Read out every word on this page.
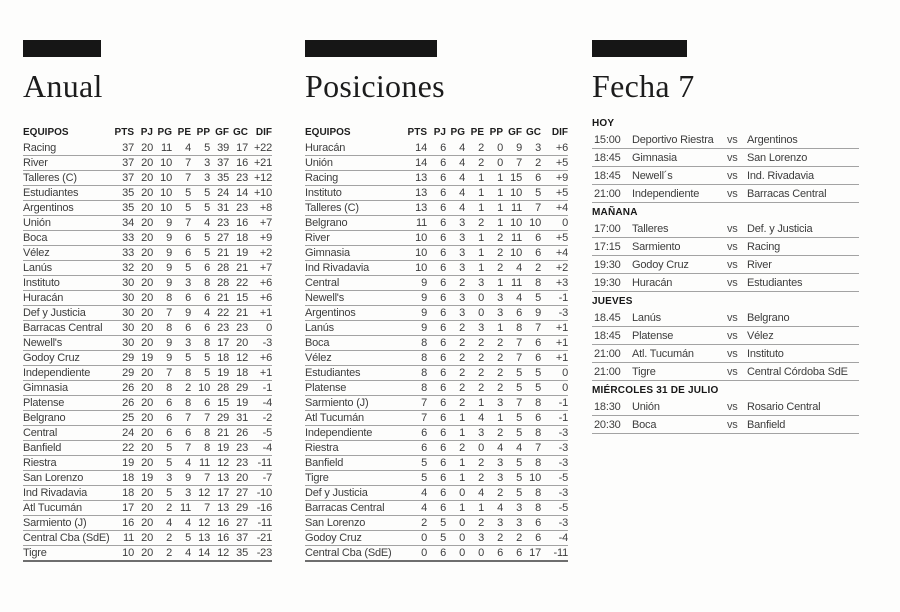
Anual
EQUIPOS	PTS	PJ	PG	PE	PP	GF	GC	DIF
Racing	37	20	11	4	5	39	17	+22
River	37	20	10	7	3	37	16	+21
Talleres (C)	37	20	10	7	3	35	23	+12
Estudiantes	35	20	10	5	5	24	14	+10
Argentinos	35	20	10	5	5	31	23	+8
Unión	34	20	9	7	4	23	16	+7
Boca	33	20	9	6	5	27	18	+9
Vélez	33	20	9	6	5	21	19	+2
Lanús	32	20	9	5	6	28	21	+7
Instituto	30	20	9	3	8	28	22	+6
Huracán	30	20	8	6	6	21	15	+6
Def y Justicia	30	20	7	9	4	22	21	+1
Barracas Central	30	20	8	6	6	23	23	0
Newell's	30	20	9	3	8	17	20	-3
Godoy Cruz	29	19	9	5	5	18	12	+6
Independiente	29	20	7	8	5	19	18	+1
Gimnasia	26	20	8	2	10	28	29	-1
Platense	26	20	6	8	6	15	19	-4
Belgrano	25	20	6	7	7	29	31	-2
Central	24	20	6	6	8	21	26	-5
Banfield	22	20	5	7	8	19	23	-4
Riestra	19	20	5	4	11	12	23	-11
San Lorenzo	18	19	3	9	7	13	20	-7
Ind Rivadavia	18	20	5	3	12	17	27	-10
Atl Tucumán	17	20	2	11	7	13	29	-16
Sarmiento (J)	16	20	4	4	12	16	27	-11
Central Cba (SdE)	11	20	2	5	13	16	37	-21
Tigre	10	20	2	4	14	12	35	-23
Posiciones
EQUIPOS	PTS	PJ	PG	PE	PP	GF	GC	DIF
Huracán	14	6	4	2	0	9	3	+6
Unión	14	6	4	2	0	7	2	+5
Racing	13	6	4	1	1	15	6	+9
Instituto	13	6	4	1	1	10	5	+5
Talleres (C)	13	6	4	1	1	11	7	+4
Belgrano	11	6	3	2	1	10	10	0
River	10	6	3	1	2	11	6	+5
Gimnasia	10	6	3	1	2	10	6	+4
Ind Rivadavia	10	6	3	1	2	4	2	+2
Central	9	6	2	3	1	11	8	+3
Newell's	9	6	3	0	3	4	5	-1
Argentinos	9	6	3	0	3	6	9	-3
Lanús	9	6	2	3	1	8	7	+1
Boca	8	6	2	2	2	7	6	+1
Vélez	8	6	2	2	2	7	6	+1
Estudiantes	8	6	2	2	2	5	5	0
Platense	8	6	2	2	2	5	5	0
Sarmiento (J)	7	6	2	1	3	7	8	-1
Atl Tucumán	7	6	1	4	1	5	6	-1
Independiente	6	6	1	3	2	5	8	-3
Riestra	6	6	2	0	4	4	7	-3
Banfield	5	6	1	2	3	5	8	-3
Tigre	5	6	1	2	3	5	10	-5
Def y Justicia	4	6	0	4	2	5	8	-3
Barracas Central	4	6	1	1	4	3	8	-5
San Lorenzo	2	5	0	2	3	3	6	-3
Godoy Cruz	0	5	0	3	2	2	6	-4
Central Cba (SdE)	0	6	0	0	6	6	17	-11
Fecha 7
HOY
15:00	Deportivo Riestra	vs Argentinos
18:45	Gimnasia	vs San Lorenzo
18:45	Newell´s	vs Ind. Rivadavia
21:00	Independiente	vs Barracas Central
MAÑANA
17:00	Talleres	vs Def. y Justicia
17:15	Sarmiento	vs Racing
19:30	Godoy Cruz	vs River
19:30	Huracán	vs Estudiantes
JUEVES
18.45	Lanús	vs Belgrano
18:45	Platense	vs Vélez
21:00	Atl. Tucumán	vs Instituto
21:00	Tigre	vs Central Córdoba SdE
MIÉRCOLES 31 DE JULIO
18:30	Unión	vs Rosario Central
20:30	Boca	vs Banfield
